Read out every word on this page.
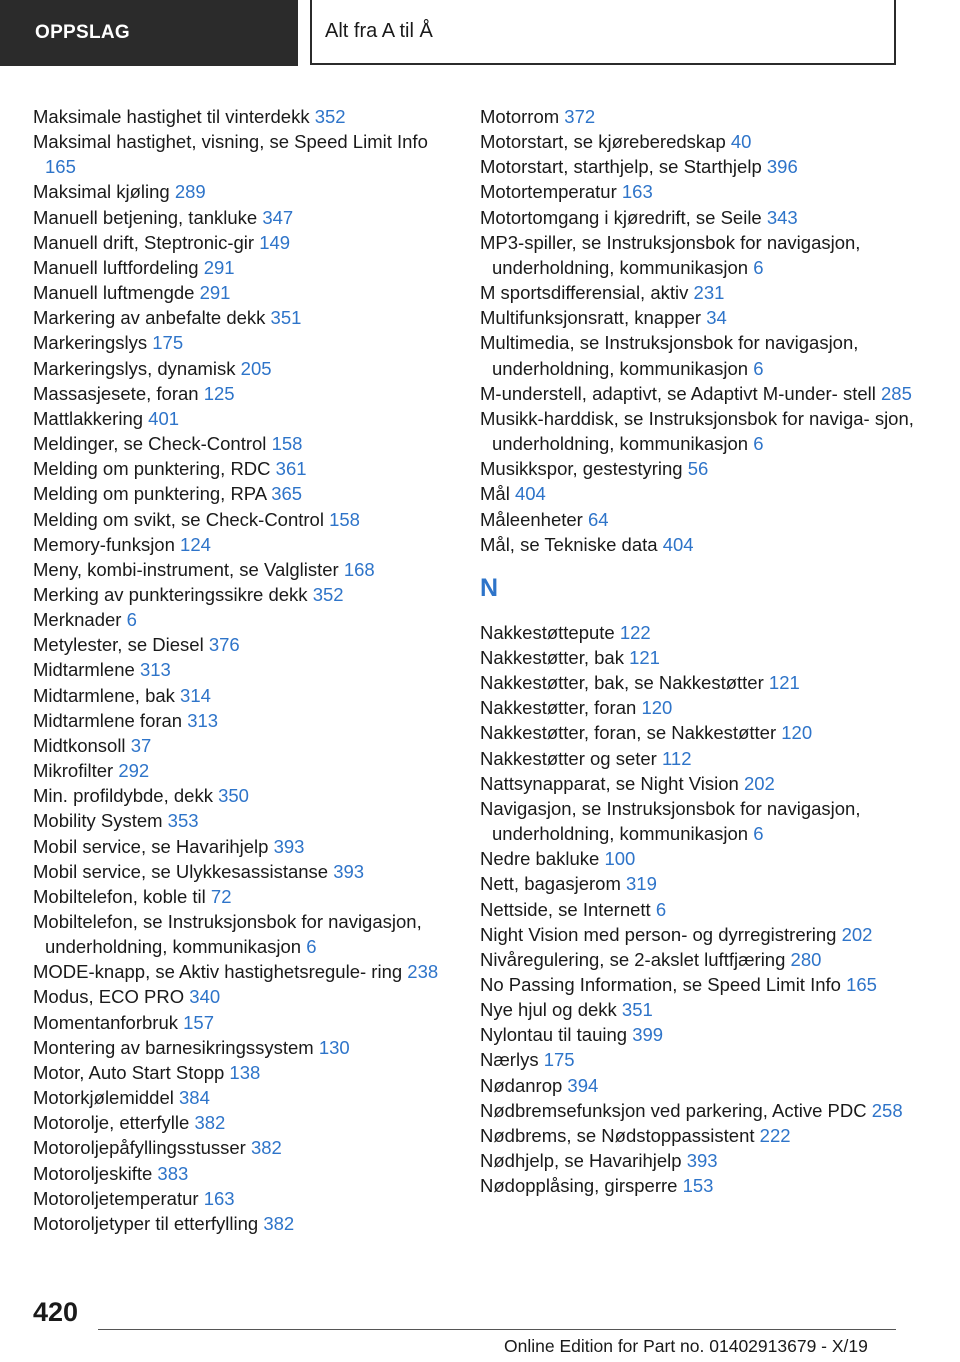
OPPSLAG	Alt fra A til Å
Maksimale hastighet til vinterdekk 352
Maksimal hastighet, visning, se Speed Limit Info 165
Maksimal kjøling 289
Manuell betjening, tankluke 347
Manuell drift, Steptronic-gir 149
Manuell luftfordeling 291
Manuell luftmengde 291
Markering av anbefalte dekk 351
Markeringslys 175
Markeringslys, dynamisk 205
Massasjesete, foran 125
Mattlakkering 401
Meldinger, se Check-Control 158
Melding om punktering, RDC 361
Melding om punktering, RPA 365
Melding om svikt, se Check-Control 158
Memory-funksjon 124
Meny, kombi-instrument, se Valglister 168
Merking av punkteringssikre dekk 352
Merknader 6
Metylester, se Diesel 376
Midtarmlene 313
Midtarmlene, bak 314
Midtarmlene foran 313
Midtkonsoll 37
Mikrofilter 292
Min. profildybde, dekk 350
Mobility System 353
Mobil service, se Havarihjelp 393
Mobil service, se Ulykkesassistanse 393
Mobiltelefon, koble til 72
Mobiltelefon, se Instruksjonsbok for navigasjon, underholdning, kommunikasjon 6
MODE-knapp, se Aktiv hastighetsregule‐ ring 238
Modus, ECO PRO 340
Momentanforbruk 157
Montering av barnesikringssystem 130
Motor, Auto Start Stopp 138
Motorkjølemiddel 384
Motorolje, etterfylle 382
Motoroljepåfyllingsstusser 382
Motoroljeskifte 383
Motoroljetemperatur 163
Motoroljetyper til etterfylling 382
Motorrom 372
Motorstart, se kjøreberedskap 40
Motorstart, starthjelp, se Starthjelp 396
Motortemperatur 163
Motortomgang i kjøredrift, se Seile 343
MP3-spiller, se Instruksjonsbok for navigasjon, underholdning, kommunikasjon 6
M sportsdifferensial, aktiv 231
Multifunksjonsratt, knapper 34
Multimedia, se Instruksjonsbok for navigasjon, underholdning, kommunikasjon 6
M-understell, adaptivt, se Adaptivt M-under‐ stell 285
Musikk-harddisk, se Instruksjonsbok for naviga‐ sjon, underholdning, kommunikasjon 6
Musikkspor, gestestyring 56
Mål 404
Måleenheter 64
Mål, se Tekniske data 404
N
Nakkestøttepute 122
Nakkestøtter, bak 121
Nakkestøtter, bak, se Nakkestøtter 121
Nakkestøtter, foran 120
Nakkestøtter, foran, se Nakkestøtter 120
Nakkestøtter og seter 112
Nattsynapparat, se Night Vision 202
Navigasjon, se Instruksjonsbok for navigasjon, underholdning, kommunikasjon 6
Nedre bakluke 100
Nett, bagasjerom 319
Nettside, se Internett 6
Night Vision med person- og dyrregistrering 202
Nivåregulering, se 2-akslet luftfjæring 280
No Passing Information, se Speed Limit Info 165
Nye hjul og dekk 351
Nylontau til tauing 399
Nærlys 175
Nødanrop 394
Nødbremsefunksjon ved parkering, Active PDC 258
Nødbrems, se Nødstoppassistent 222
Nødhjelp, se Havarihjelp 393
Nødopplåsing, girsperre 153
420
Online Edition for Part no. 01402913679 - X/19
